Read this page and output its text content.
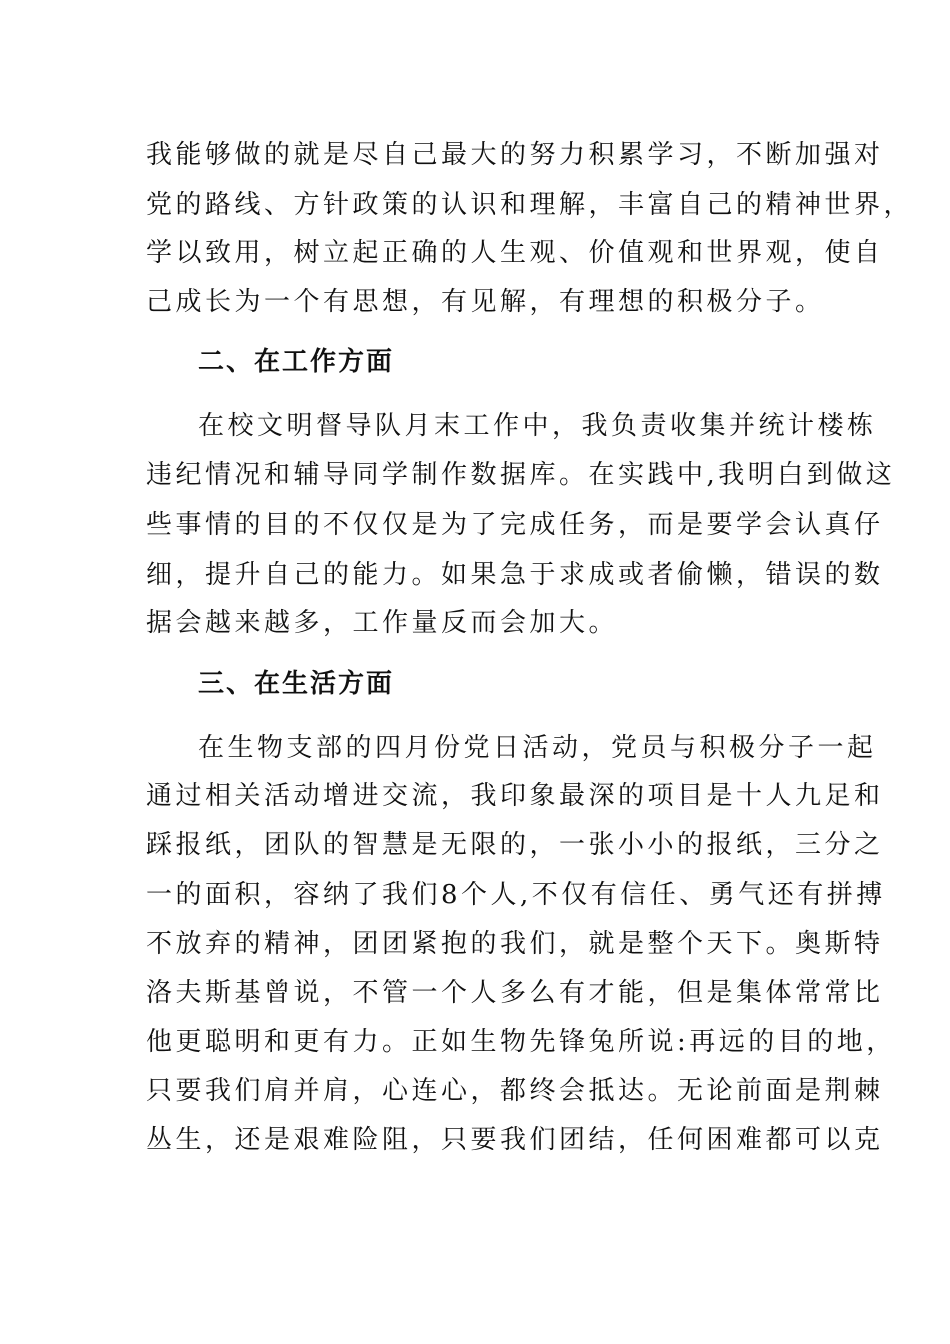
我能够做的就是尽自己最大的努力积累学习，不断加强对
党的路线、方针政策的认识和理解，丰富自己的精神世界，
学以致用，树立起正确的人生观、价值观和世界观，使自
己成长为一个有思想，有见解，有理想的积极分子。
二、在工作方面
在校文明督导队月末工作中，我负责收集并统计楼栋
违纪情况和辅导同学制作数据库。在实践中,我明白到做这
些事情的目的不仅仅是为了完成任务，而是要学会认真仔
细，提升自己的能力。如果急于求成或者偷懒，错误的数
据会越来越多，工作量反而会加大。
三、在生活方面
在生物支部的四月份党日活动，党员与积极分子一起
通过相关活动增进交流，我印象最深的项目是十人九足和
踩报纸，团队的智慧是无限的，一张小小的报纸，三分之
一的面积，容纳了我们8个人,不仅有信任、勇气还有拼搏
不放弃的精神，团团紧抱的我们，就是整个天下。奥斯特
洛夫斯基曾说，不管一个人多么有才能，但是集体常常比
他更聪明和更有力。正如生物先锋兔所说:再远的目的地，
只要我们肩并肩，心连心，都终会抵达。无论前面是荆棘
丛生，还是艰难险阻，只要我们团结，任何困难都可以克
